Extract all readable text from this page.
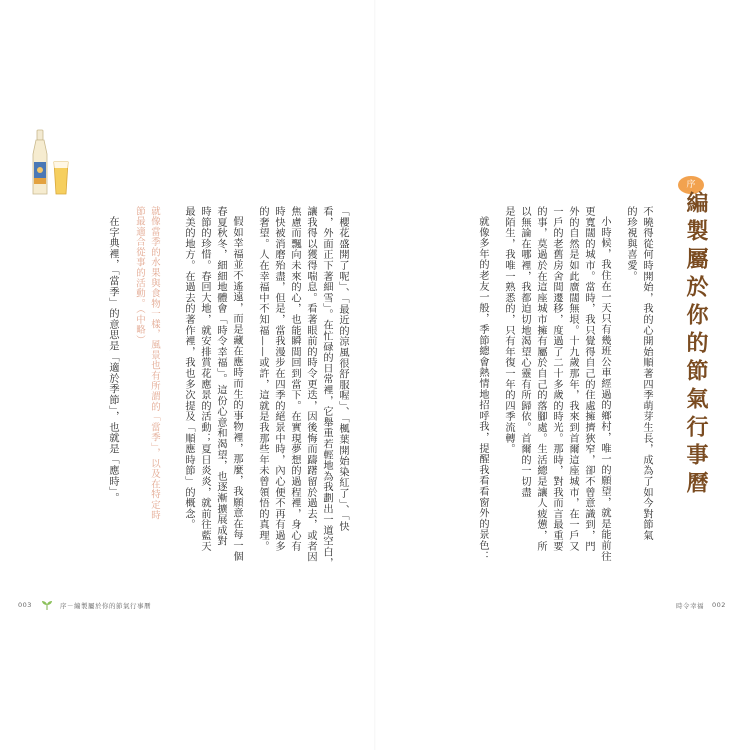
序
編製屬於你的節氣行事曆
不曉得從何時開始，我的心開始順著四季萌芽生長，成為了如今對節氣
的珍視與喜愛。
小時候，我住在一天只有幾班公車經過的鄉村，唯一的願望，就是能前往
更寬闊的城市。當時，我只覺得自己的住處擁擠狹窄，卻不曾意識到，門
外的自然是如此廣闊無垠。十九歲那年，我來到首爾這座城市，在一戶又
一戶的老舊房舍間遷移，度過了二十多歲的時光。那時，對我而言最重要
的事，莫過於在這座城市擁有屬於自己的落腳處。生活總是讓人疲憊，所
以無論在哪裡，我都迫切地渴望心靈有所歸依。首爾的一切盡
是陌生，我唯一熟悉的，只有年復一年的四季流轉。
就像多年的老友一般，季節總會熱情地招呼我，提醒我看看窗外的景色：
「櫻花盛開了呢」、「最近的涼風很舒服喔」、「楓葉開始染紅了」、「快
看，外面正下著細雪」。在忙碌的日常裡，它舉重若輕地為我劃出一道空白，
讓我得以獲得喘息。看著眼前的時令更迭，因後悔而躊躇留於過去，或者因
焦慮而飄向未來的心，也能瞬間回到當下。在實現夢想的過程裡，身心有
時快被消磨殆盡，但是，當我漫步在四季的絕景中時，內心便不再有過多
的奢望。人在幸福中不知福——或許，這就是我那些年未曾領悟的真理。
假如幸福並不遙遠，而是藏在應時而生的事物裡，那麼，我願意在每一個
春夏秋冬，細細地體會「時令幸福」。這份心意和渴望，也逐漸擴展成對
時節的珍惜。春回大地，就安排賞花應景的活動；夏日炎炎，就前往藍天
最美的地方。在過去的著作裡，我也多次提及「順應時節」的概念。
就像當季的水果與食物一樣，風景也有所謂的「當季」，以及在特定時
節最適合從事的活動。（中略）
在字典裡，「當季」的意思是「適於季節」，也就是「應時」。
003	序－編製屬於你的節氣行事曆	時令幸福 002
